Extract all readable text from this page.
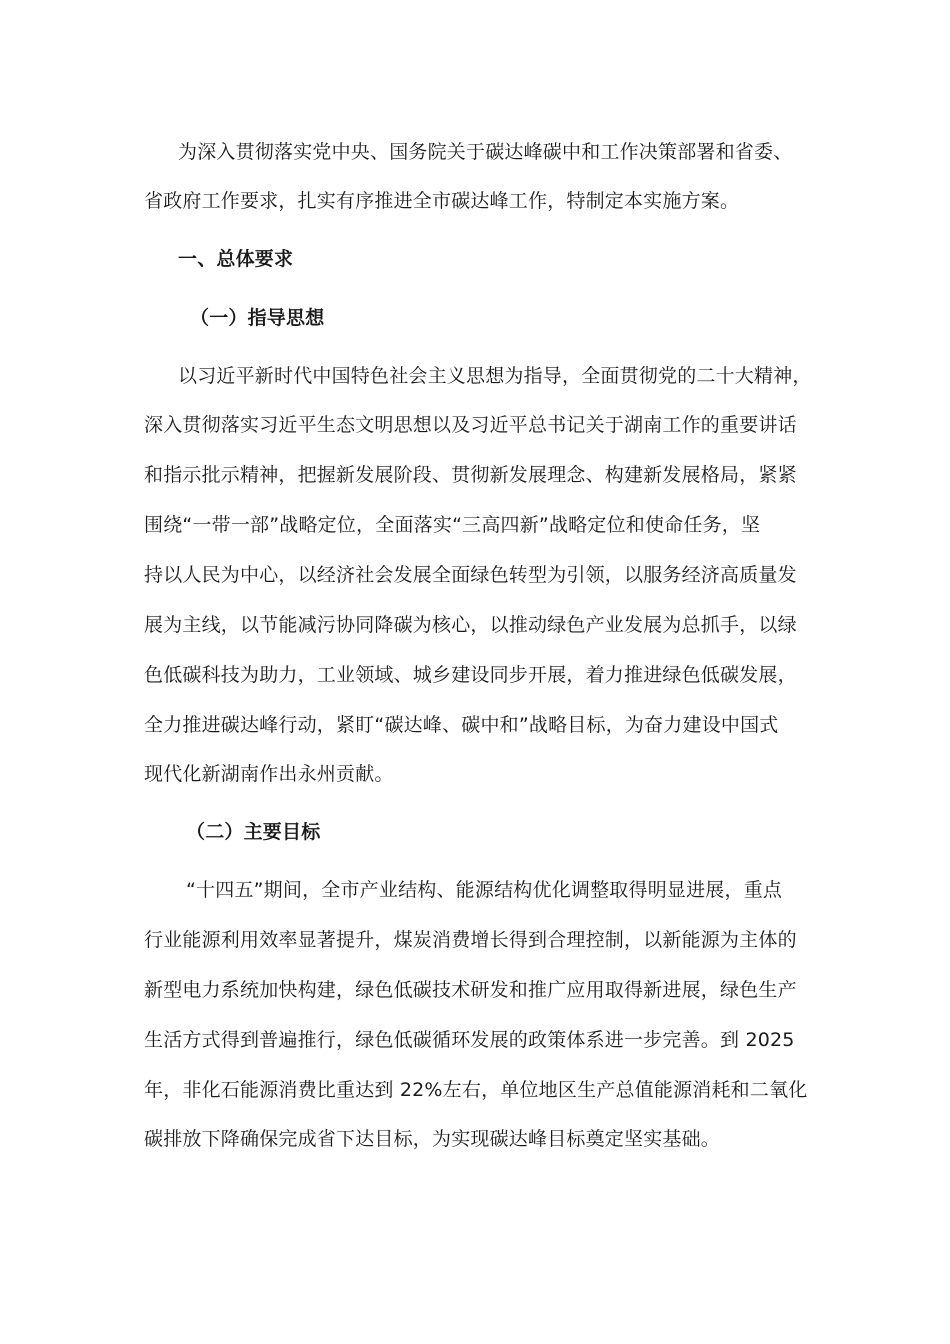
为深入贯彻落实党中央、国务院关于碳达峰碳中和工作决策部署和省委、
省政府工作要求，扎实有序推进全市碳达峰工作，特制定本实施方案。
一、总体要求
（一）指导思想
以习近平新时代中国特色社会主义思想为指导，全面贯彻党的二十大精神，
深入贯彻落实习近平生态文明思想以及习近平总书记关于湖南工作的重要讲话
和指示批示精神，把握新发展阶段、贯彻新发展理念、构建新发展格局，紧紧
围绕“一带一部”战略定位，全面落实“三高四新”战略定位和使命任务，坚
持以人民为中心，以经济社会发展全面绿色转型为引领，以服务经济高质量发
展为主线，以节能减污协同降碳为核心，以推动绿色产业发展为总抓手，以绿
色低碳科技为助力，工业领域、城乡建设同步开展，着力推进绿色低碳发展，
全力推进碳达峰行动，紧盯“碳达峰、碳中和”战略目标，为奋力建设中国式
现代化新湖南作出永州贡献。
（二）主要目标
“十四五”期间，全市产业结构、能源结构优化调整取得明显进展，重点
行业能源利用效率显著提升，煤炭消费增长得到合理控制，以新能源为主体的
新型电力系统加快构建，绿色低碳技术研发和推广应用取得新进展，绿色生产
生活方式得到普遍推行，绿色低碳循环发展的政策体系进一步完善。到 2025
年，非化石能源消费比重达到 22%左右，单位地区生产总值能源消耗和二氧化
碳排放下降确保完成省下达目标，为实现碳达峰目标奠定坚实基础。
